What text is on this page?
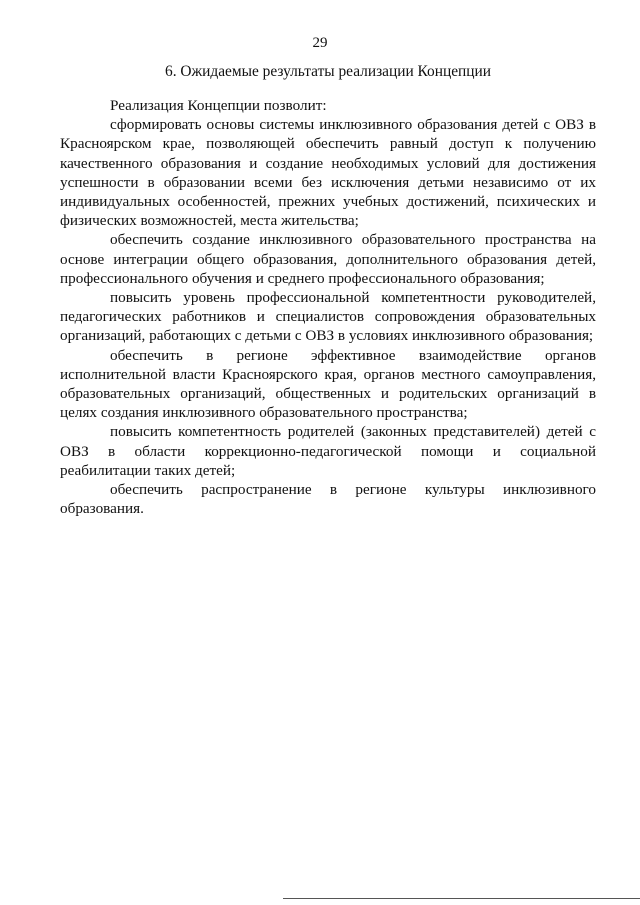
29
6. Ожидаемые результаты реализации Концепции

Реализация Концепции позволит:

сформировать основы системы инклюзивного образования детей с ОВЗ в Красноярском крае, позволяющей обеспечить равный доступ к получению качественного образования и создание необходимых условий для достижения успешности в образовании всеми без исключения детьми независимо от их индивидуальных особенностей, прежних учебных достижений, психических и физических возможностей, места жительства;

обеспечить создание инклюзивного образовательного пространства на основе интеграции общего образования, дополнительного образования детей, профессионального обучения и среднего профессионального образования;

повысить уровень профессиональной компетентности руководителей, педагогических работников и специалистов сопровождения образовательных организаций, работающих с детьми с ОВЗ в условиях инклюзивного образования;

обеспечить в регионе эффективное взаимодействие органов исполнительной власти Красноярского края, органов местного самоуправления, образовательных организаций, общественных и родительских организаций в целях создания инклюзивного образовательного пространства;

повысить компетентность родителей (законных представителей) детей с ОВЗ в области коррекционно-педагогической помощи и социальной реабилитации таких детей;

обеспечить распространение в регионе культуры инклюзивного образования.
